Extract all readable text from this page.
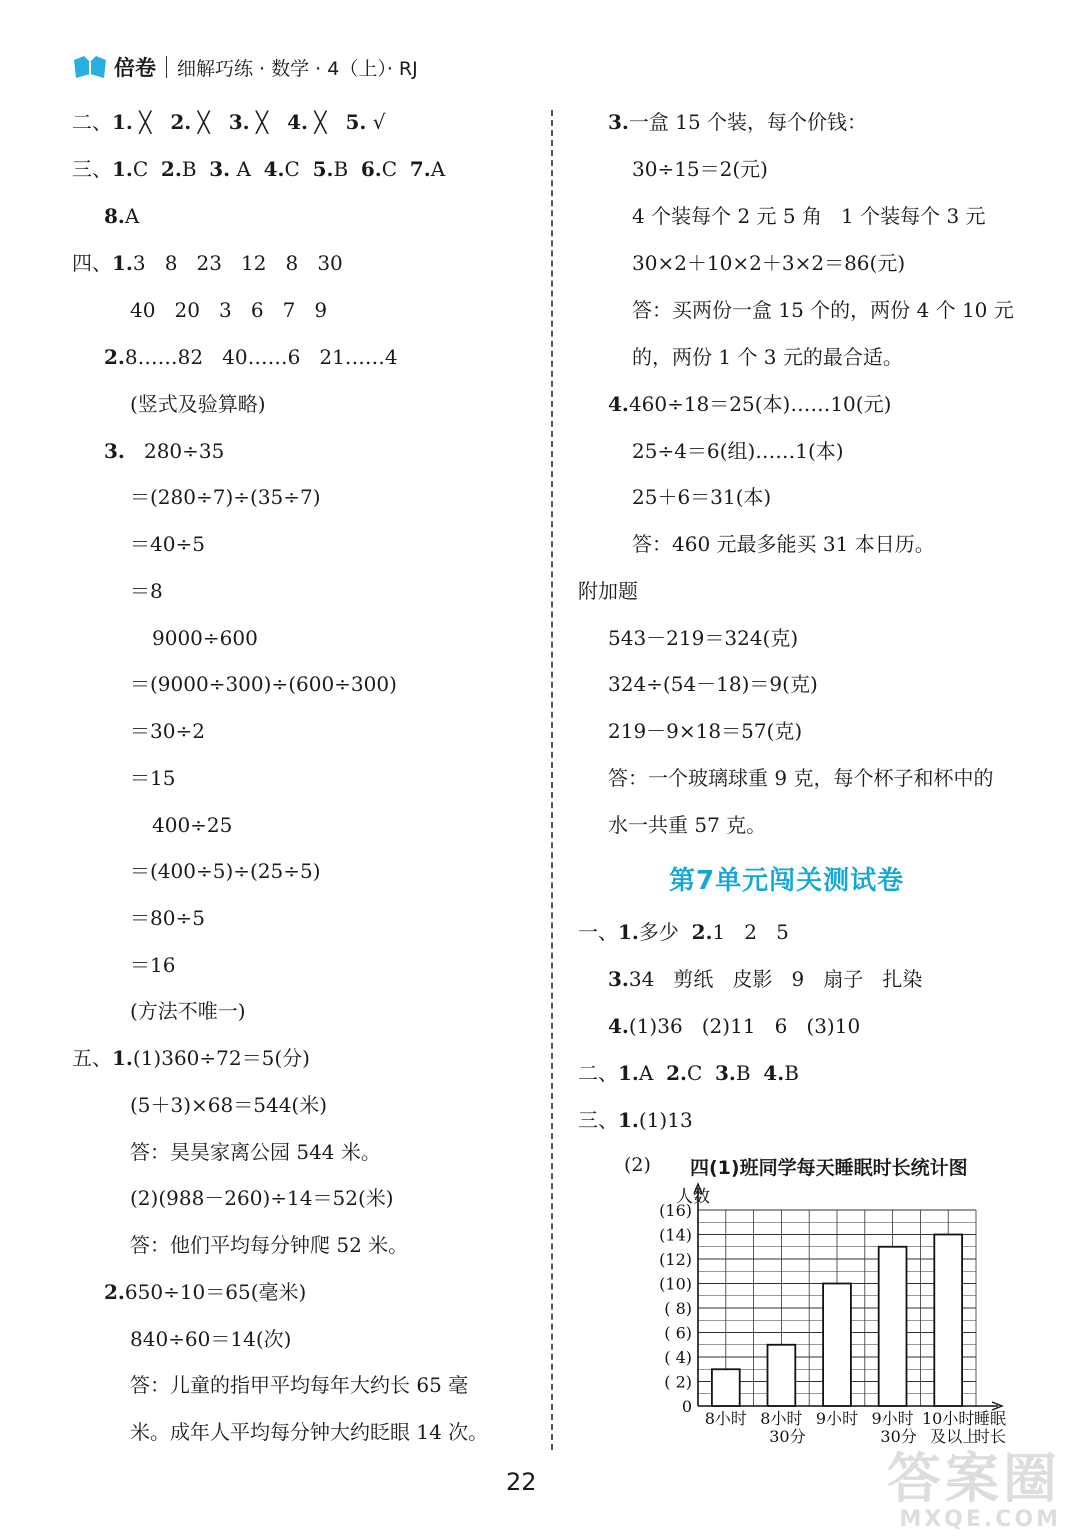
倍卷 细解巧练 · 数学 · 4（上）· RJ
二、1. ╳   2. ╳   3. ╳   4. ╳   5. √
三、1.C  2.B  3. A  4.C  5.B  6.C  7.A
8.A
四、1.3   8   23   12   8   30
40   20   3   6   7   9
2.8……82   40……6   21……4
(竖式及验算略)
3.   280÷35
＝(280÷7)÷(35÷7)
＝40÷5
＝8
9000÷600
＝(9000÷300)÷(600÷300)
＝30÷2
＝15
400÷25
＝(400÷5)÷(25÷5)
＝80÷5
＝16
(方法不唯一)
五、1.(1)360÷72＝5(分)
(5＋3)×68＝544(米)
答：昊昊家离公园 544 米。
(2)(988－260)÷14＝52(米)
答：他们平均每分钟爬 52 米。
2.650÷10＝65(毫米)
840÷60＝14(次)
答：儿童的指甲平均每年大约长 65 毫
米。成年人平均每分钟大约眨眼 14 次。
3.一盒 15 个装，每个价钱：
30÷15＝2(元)
4 个装每个 2 元 5 角   1 个装每个 3 元
30×2＋10×2＋3×2＝86(元)
答：买两份一盒 15 个的，两份 4 个 10 元
的，两份 1 个 3 元的最合适。
4.460÷18＝25(本)……10(元)
25÷4＝6(组)……1(本)
25＋6＝31(本)
答：460 元最多能买 31 本日历。
附加题
543－219＝324(克)
324÷(54－18)＝9(克)
219－9×18＝57(克)
答：一个玻璃球重 9 克，每个杯子和杯中的
水一共重 57 克。
一、1.多少  2.1   2   5
3.34   剪纸   皮影   9   扇子   扎染
4.(1)36   (2)11   6   (3)10
二、1.A  2.C  3.B  4.B
三、1.(1)13
第7单元闯关测试卷
(2) 四(1)班同学每天睡眠时长统计图
人数
0
( 2)
( 4)
( 6)
( 8)
(10)
(12)
(14)
(16)
8小时 8小时
30分
9小时 9小时
30分
10小时
及以上
睡眠
时长
22	答案圈
MXQE.COM
